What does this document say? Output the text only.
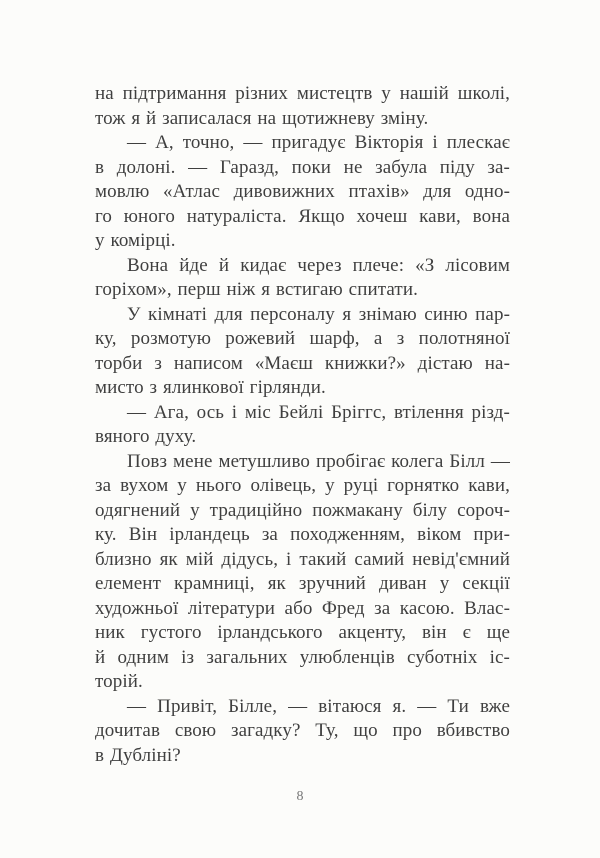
на підтримання різних мистецтв у нашій школі,
тож я й записалася на щотижневу зміну.
— А, точно, — пригадує Вікторія і плескає
в долоні. — Гаразд, поки не забула піду за-
мовлю «Атлас дивовижних птахів» для одно-
го юного натураліста. Якщо хочеш кави, вона
у комірці.
Вона йде й кидає через плече: «З лісовим
горіхом», перш ніж я встигаю спитати.
У кімнаті для персоналу я знімаю синю пар-
ку, розмотую рожевий шарф, а з полотняної
торби з написом «Маєш книжки?» дістаю на-
мисто з ялинкової гірлянди.
— Ага, ось і міс Бейлі Бріггс, втілення різд-
вяного духу.
Повз мене метушливо пробігає колега Білл —
за вухом у нього олівець, у руці горнятко кави,
одягнений у традиційно пожмакану білу сороч-
ку. Він ірландець за походженням, віком при-
близно як мій дідусь, і такий самий невід'ємний
елемент крамниці, як зручний диван у секції
художньої літератури або Фред за касою. Влас-
ник густого ірландського акценту, він є ще
й одним із загальних улюбленців суботніх іс-
торій.
— Привіт, Білле, — вітаюся я. — Ти вже
дочитав свою загадку? Ту, що про вбивство
в Дубліні?
8
